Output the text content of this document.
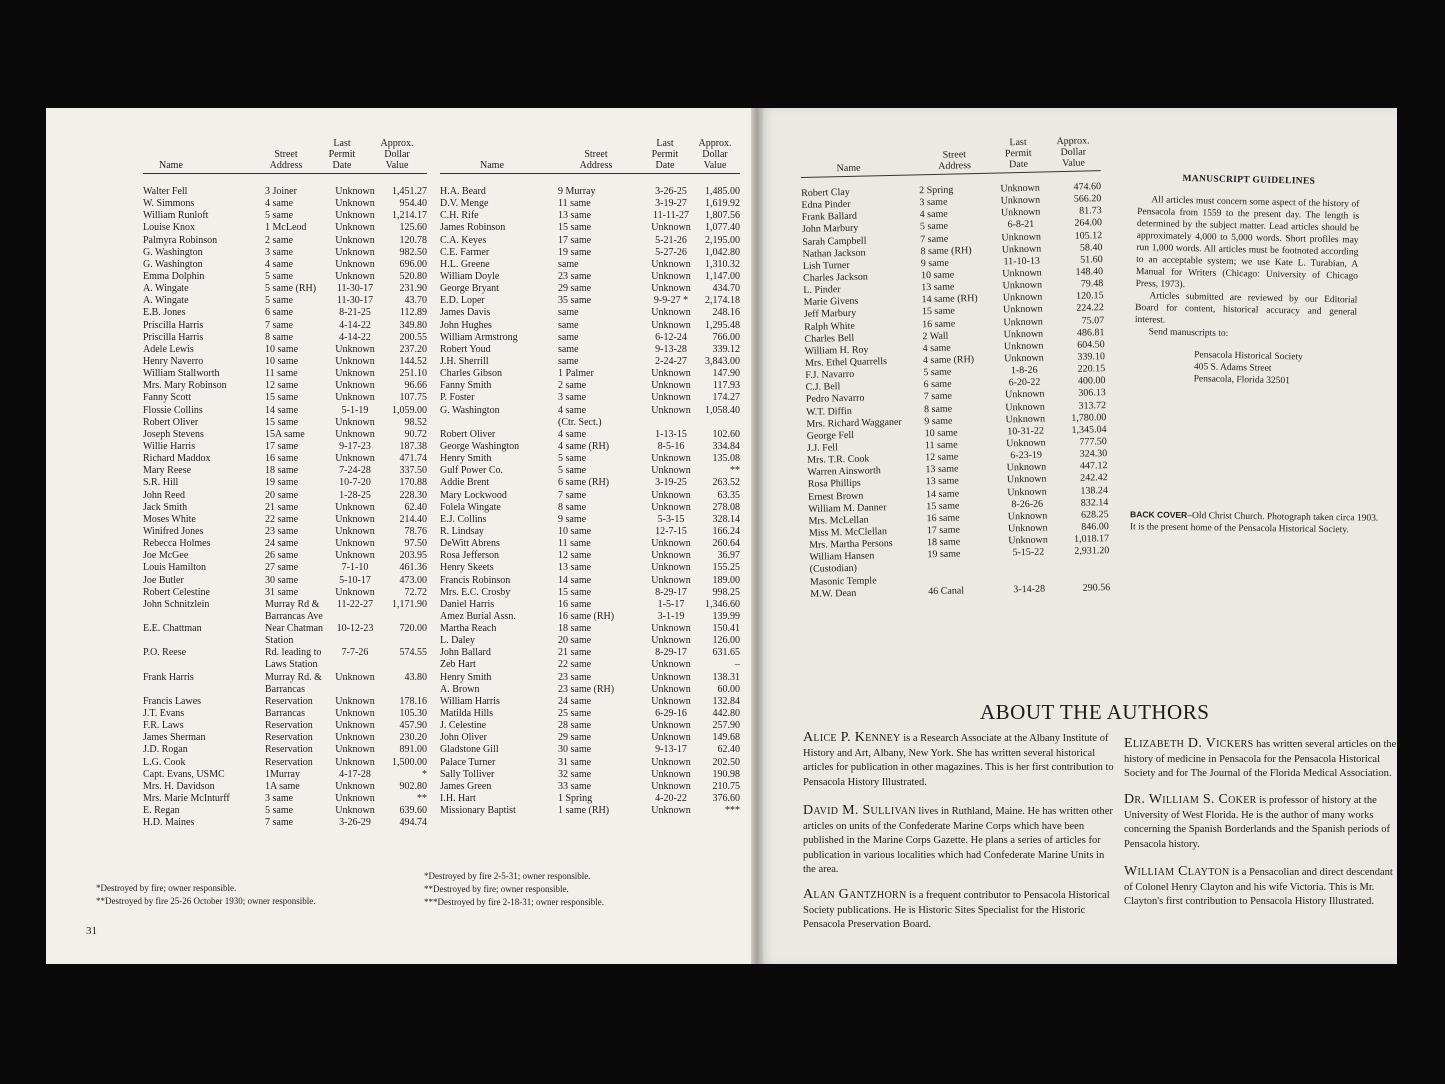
Name
Street
Address
Last
Permit
Date
Approx.
Dollar
Value
Walter Fell	3 Joiner	Unknown	1,451.27
W. Simmons	4 same	Unknown	954.40
William Runloft	5 same	Unknown	1,214.17
Louise Knox	1 McLeod	Unknown	125.60
Palmyra Robinson	2 same	Unknown	120.78
G. Washington	3 same	Unknown	982.50
G. Washington	4 same	Unknown	696.00
Emma Dolphin	5 same	Unknown	520.80
A. Wingate	5 same (RH)	11-30-17	231.90
A. Wingate	5 same	11-30-17	43.70
E.B. Jones	6 same	8-21-25	112.89
Priscilla Harris	7 same	4-14-22	349.80
Priscilla Harris	8 same	4-14-22	200.55
Adele Lewis	10 same	Unknown	237.20
Henry Naverro	10 same	Unknown	144.52
William Stallworth	11 same	Unknown	251.10
Mrs. Mary Robinson	12 same	Unknown	96.66
Fanny Scott	15 same	Unknown	107.75
Flossie Collins	14 same	5-1-19	1,059.00
Robert Oliver	15 same	Unknown	98.52
Joseph Stevens	15A same	Unknown	90.72
Willie Harris	17 same	9-17-23	187.38
Richard Maddox	16 same	Unknown	471.74
Mary Reese	18 same	7-24-28	337.50
S.R. Hill	19 same	10-7-20	170.88
John Reed	20 same	1-28-25	228.30
Jack Smith	21 same	Unknown	62.40
Moses White	22 same	Unknown	214.40
Winifred Jones	23 same	Unknown	78.76
Rebecca Holmes	24 same	Unknown	97.50
Joe McGee	26 same	Unknown	203.95
Louis Hamilton	27 same	7-1-10	461.36
Joe Butler	30 same	5-10-17	473.00
Robert Celestine	31 same	Unknown	72.72
John Schnitzlein	Murray Rd &	11-22-27	1,171.90
Barrancas Ave
E.E. Chattman	Near Chatman	10-12-23	720.00
Station
P.O. Reese	Rd. leading to	7-7-26	574.55
Laws Station
Frank Harris	Murray Rd. &	Unknown	43.80
Barrancas
Francis Lawes	Reservation	Unknown	178.16
J.T. Evans	Barrancas	Unknown	105.30
F.R. Laws	Reservation	Unknown	457.90
James Sherman	Reservation	Unknown	230.20
J.D. Rogan	Reservation	Unknown	891.00
L.G. Cook	Reservation	Unknown	1,500.00
Capt. Evans, USMC	1Murray	4-17-28	*
Mrs. H. Davidson	1A same	Unknown	902.80
Mrs. Marie McInturff	3 same	Unknown	**
E. Regan	5 same	Unknown	639.60
H.D. Maines	7 same	3-26-29	494.74
*Destroyed by fire; owner responsible.
**Destroyed by fire 25-26 October 1930; owner responsible.
31
Name
Street
Address
Last
Permit
Date
Approx.
Dollar
Value
H.A. Beard	9 Murray	3-26-25	1,485.00
D.V. Menge	11 same	3-19-27	1,619.92
C.H. Rife	13 same	11-11-27	1,807.56
James Robinson	15 same	Unknown	1,077.40
C.A. Keyes	17 same	5-21-26	2,195.00
C.E. Farmer	19 same	5-27-26	1,042.80
H.L. Greene	same	Unknown	1,310.32
William Doyle	23 same	Unknown	1,147.00
George Bryant	29 same	Unknown	434.70
E.D. Loper	35 same	9-9-27 *	2,174.18
James Davis	same	Unknown	248.16
John Hughes	same	Unknown	1,295.48
William Armstrong	same	6-12-24	766.00
Robert Youd	same	9-13-28	339.12
J.H. Sherrill	same	2-24-27	3,843.00
Charles Gibson	1 Palmer	Unknown	147.90
Fanny Smith	2 same	Unknown	117.93
P. Foster	3 same	Unknown	174.27
G. Washington	4 same	Unknown	1,058.40
(Ctr. Sect.)
Robert Oliver	4 same	1-13-15	102.60
George Washington	4 same (RH)	8-5-16	334.84
Henry Smith	5 same	Unknown	135.08
Gulf Power Co.	5 same	Unknown	**
Addie Brent	6 same (RH)	3-19-25	263.52
Mary Lockwood	7 same	Unknown	63.35
Folela Wingate	8 same	Unknown	278.08
E.J. Collins	9 same	5-3-15	328.14
R. Lindsay	10 same	12-7-15	166.24
DeWitt Abrens	11 same	Unknown	260.64
Rosa Jefferson	12 same	Unknown	36.97
Henry Skeets	13 same	Unknown	155.25
Francis Robinson	14 same	Unknown	189.00
Mrs. E.C. Crosby	15 same	8-29-17	998.25
Daniel Harris	16 same	1-5-17	1,346.60
Amez Burial Assn.	16 same (RH)	3-1-19	139.99
Martha Reach	18 same	Unknown	150.41
L. Daley	20 same	Unknown	126.00
John Ballard	21 same	8-29-17	631.65
Zeb Hart	22 same	Unknown	–
Henry Smith	23 same	Unknown	138.31
A. Brown	23 same (RH)	Unknown	60.00
William Harris	24 same	Unknown	132.84
Matilda Hills	25 same	6-29-16	442.80
J. Celestine	28 same	Unknown	257.90
John Oliver	29 same	Unknown	149.68
Gladstone Gill	30 same	9-13-17	62.40
Palace Turner	31 same	Unknown	202.50
Sally Tolliver	32 same	Unknown	190.98
James Green	33 same	Unknown	210.75
I.H. Hart	1 Spring	4-20-22	376.60
Missionary Baptist	1 same (RH)	Unknown	***
*Destroyed by fire 2-5-31; owner responsible.
**Destroyed by fire; owner responsible.
***Destroyed by fire 2-18-31; owner responsible.
Name
Street
Address
Last
Permit
Date
Approx.
Dollar
Value
Robert Clay	2 Spring	Unknown	474.60
Edna Pinder	3 same	Unknown	566.20
Frank Ballard	4 same	Unknown	81.73
John Marbury	5 same	6-8-21	264.00
Sarah Campbell	7 same	Unknown	105.12
Nathan Jackson	8 same (RH)	Unknown	58.40
Lish Turner	9 same	11-10-13	51.60
Charles Jackson	10 same	Unknown	148.40
L. Pinder	13 same	Unknown	79.48
Marie Givens	14 same (RH)	Unknown	120.15
Jeff Marbury	15 same	Unknown	224.22
Ralph White	16 same	Unknown	75.07
Charles Bell	2 Wall	Unknown	486.81
William H. Roy	4 same	Unknown	604.50
Mrs. Ethel Quarrells	4 same (RH)	Unknown	339.10
F.J. Navarro	5 same	1-8-26	220.15
C.J. Bell	6 same	6-20-22	400.00
Pedro Navarro	7 same	Unknown	306.13
W.T. Diffin	8 same	Unknown	313.72
Mrs. Richard Wagganer	9 same	Unknown	1,780.00
George Fell	10 same	10-31-22	1,345.04
J.J. Fell	11 same	Unknown	777.50
Mrs. T.R. Cook	12 same	6-23-19	324.30
Warren Ainsworth	13 same	Unknown	447.12
Rosa Phillips	13 same	Unknown	242.42
Ernest Brown	14 same	Unknown	138.24
William M. Danner	15 same	8-26-26	832.14
Mrs. McLellan	16 same	Unknown	628.25
Miss M. McClellan	17 same	Unknown	846.00
Mrs. Martha Persons	18 same	Unknown	1,018.17
William Hansen	19 same	5-15-22	2,931.20
(Custodian)
Masonic Temple
M.W. Dean	46 Canal	3-14-28	290.56
MANUSCRIPT GUIDELINES

All articles must concern some aspect of the history of Pensacola from 1559 to the present day. The length is determined by the subject matter. Lead articles should be approximately 4,000 to 5,000 words. Short profiles may run 1,000 words. All articles must be footnoted according to an acceptable system; we use Kate L. Turabian, A Manual for Writers (Chicago: University of Chicago Press, 1973).

Articles submitted are reviewed by our Editorial Board for content, historical accuracy and general interest.

Send manuscripts to:

Pensacola Historical Society
405 S. Adams Street
Pensacola, Florida 32501

BACK COVER–Old Christ Church. Photograph taken circa 1903. It is the present home of the Pensacola Historical Society.
ABOUT THE AUTHORS
Alice P. Kenney is a Research Associate at the Albany Institute of History and Art, Albany, New York. She has written several historical articles for publication in other magazines. This is her first contribution to Pensacola History Illustrated.
David M. Sullivan lives in Ruthland, Maine. He has written other articles on units of the Confederate Marine Corps which have been published in the Marine Corps Gazette. He plans a series of articles for publication in various localities which had Confederate Marine Units in the area.
Alan Gantzhorn is a frequent contributor to Pensacola Historical Society publications. He is Historic Sites Specialist for the Historic Pensacola Preservation Board.
Elizabeth D. Vickers has written several articles on the history of medicine in Pensacola for the Pensacola Historical Society and for The Journal of the Florida Medical Association.
Dr. William S. Coker is professor of history at the University of West Florida. He is the author of many works concerning the Spanish Borderlands and the Spanish periods of Pensacola history.
William Clayton is a Pensacolian and direct descendant of Colonel Henry Clayton and his wife Victoria. This is Mr. Clayton's first contribution to Pensacola History Illustrated.
